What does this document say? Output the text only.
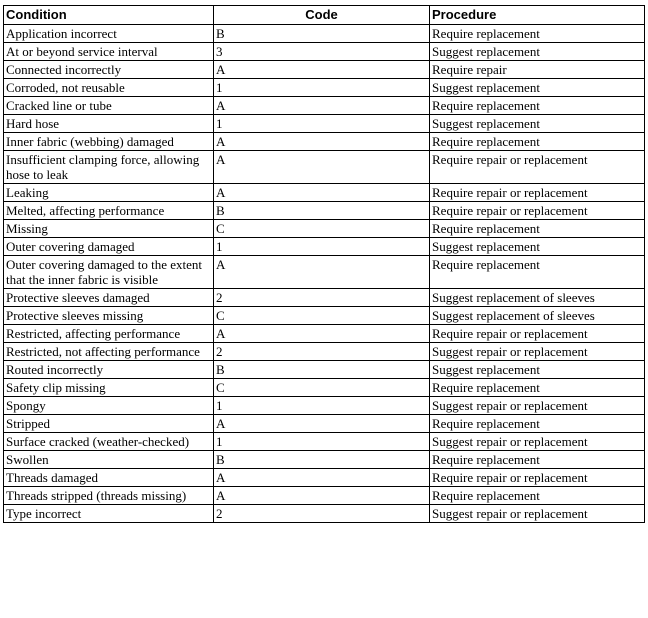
Condition	Code	Procedure
Application incorrect	B	Require replacement
At or beyond service interval	3	Suggest replacement
Connected incorrectly	A	Require repair
Corroded, not reusable	1	Suggest replacement
Cracked line or tube	A	Require replacement
Hard hose	1	Suggest replacement
Inner fabric (webbing) damaged	A	Require replacement
Insufficient clamping force, allowing hose to leak	A	Require repair or replacement
Leaking	A	Require repair or replacement
Melted, affecting performance	B	Require repair or replacement
Missing	C	Require replacement
Outer covering damaged	1	Suggest replacement
Outer covering damaged to the extent that the inner fabric is visible	A	Require replacement
Protective sleeves damaged	2	Suggest replacement of sleeves
Protective sleeves missing	C	Suggest replacement of sleeves
Restricted, affecting performance	A	Require repair or replacement
Restricted, not affecting performance	2	Suggest repair or replacement
Routed incorrectly	B	Suggest replacement
Safety clip missing	C	Require replacement
Spongy	1	Suggest repair or replacement
Stripped	A	Require replacement
Surface cracked (weather-checked)	1	Suggest repair or replacement
Swollen	B	Require replacement
Threads damaged	A	Require repair or replacement
Threads stripped (threads missing)	A	Require replacement
Type incorrect	2	Suggest repair or replacement
